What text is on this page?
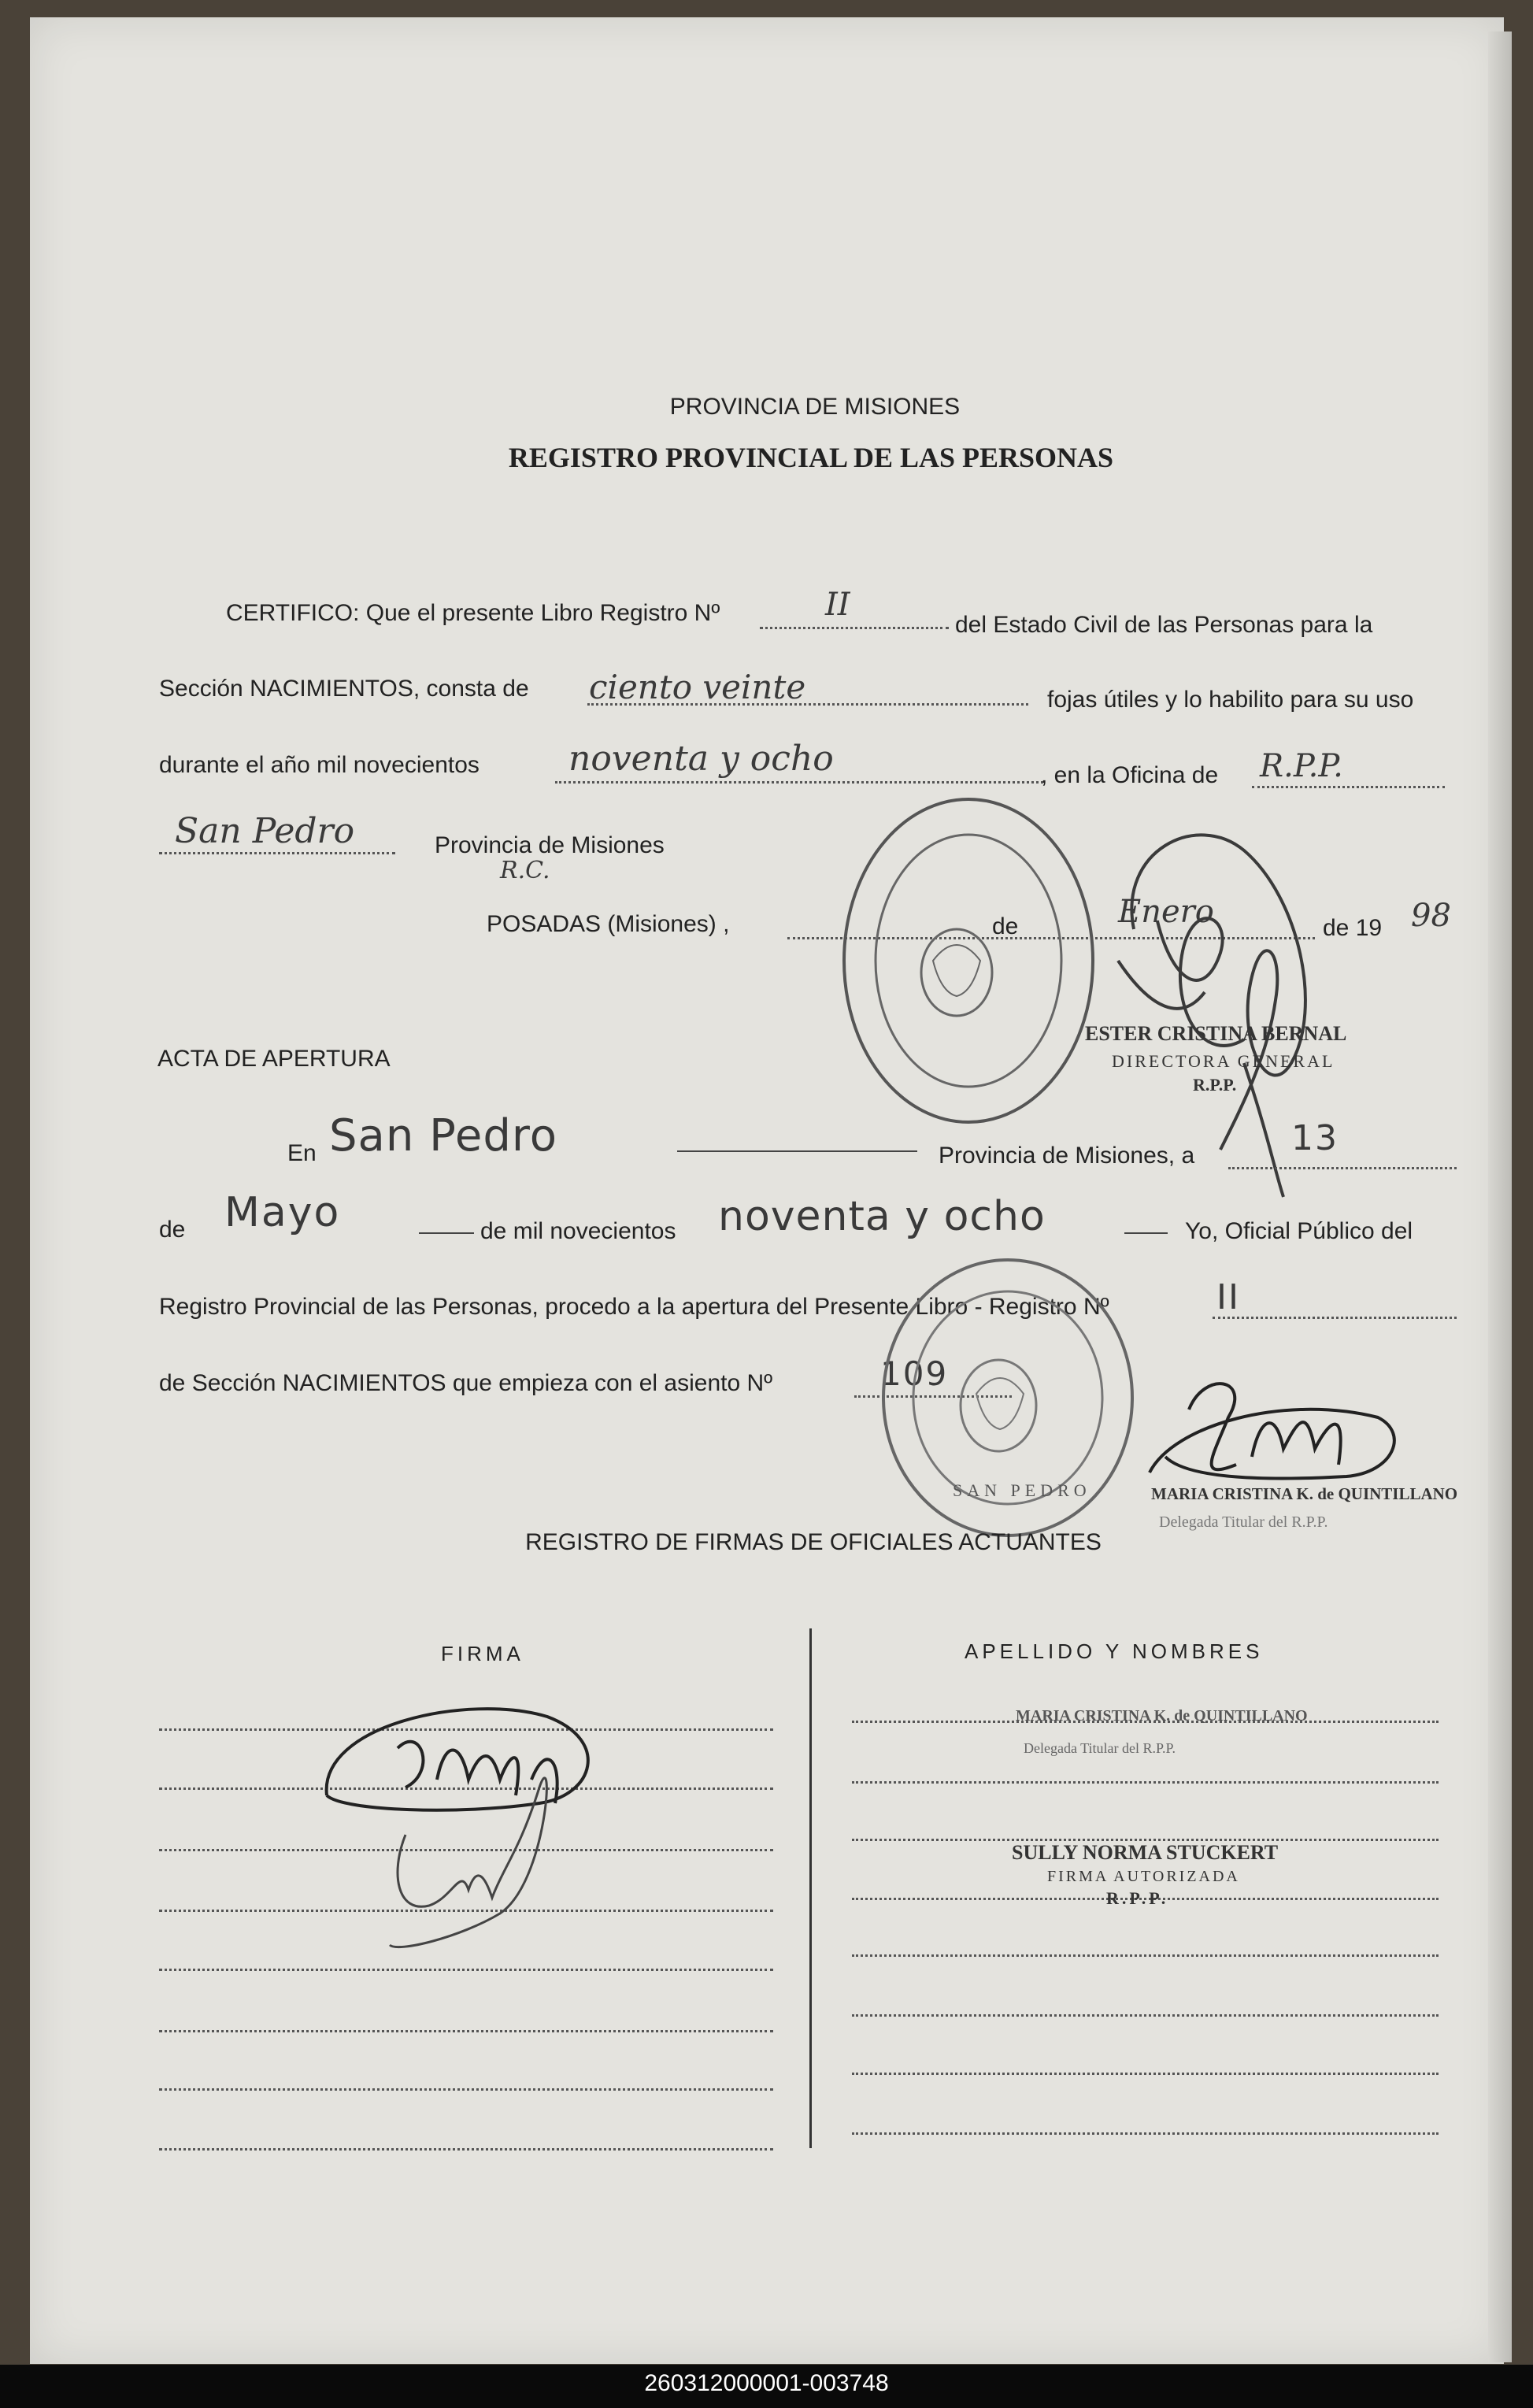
PROVINCIA DE MISIONES
REGISTRO PROVINCIAL DE LAS PERSONAS
CERTIFICO: Que el presente Libro Registro Nº	II
del Estado Civil de las Personas para la
Sección NACIMIENTOS, consta de ciento veinte	fojas útiles y lo habilito para su uso
durante el año mil novecientos	noventa y ocho	, en la Oficina de R.P.P.
San Pedro	Provincia de Misiones
R.C.
POSADAS (Misiones) ,	de	Enero	de 19 98
ESTER CRISTINA BERNAL
DIRECTORA GENERAL
R.P.P.
ACTA DE APERTURA
En San Pedro	Provincia de Misiones, a	13
de Mayo	de mil novecientos noventa y ocho	Yo, Oficial Público del
Registro Provincial de las Personas, procedo a la apertura del Presente Libro - Registro Nº	II
de Sección NACIMIENTOS que empieza con el asiento Nº	109
SAN PEDRO	MARIA CRISTINA K. de QUINTILLANO
Delegada Titular del R.P.P.
REGISTRO DE FIRMAS DE OFICIALES ACTUANTES
FIRMA	APELLIDO Y NOMBRES
MARIA CRISTINA K. de QUINTILLANO
Delegada Titular del R.P.P.
SULLY NORMA STUCKERT
FIRMA AUTORIZADA
R.P.P.
260312000001-003748
